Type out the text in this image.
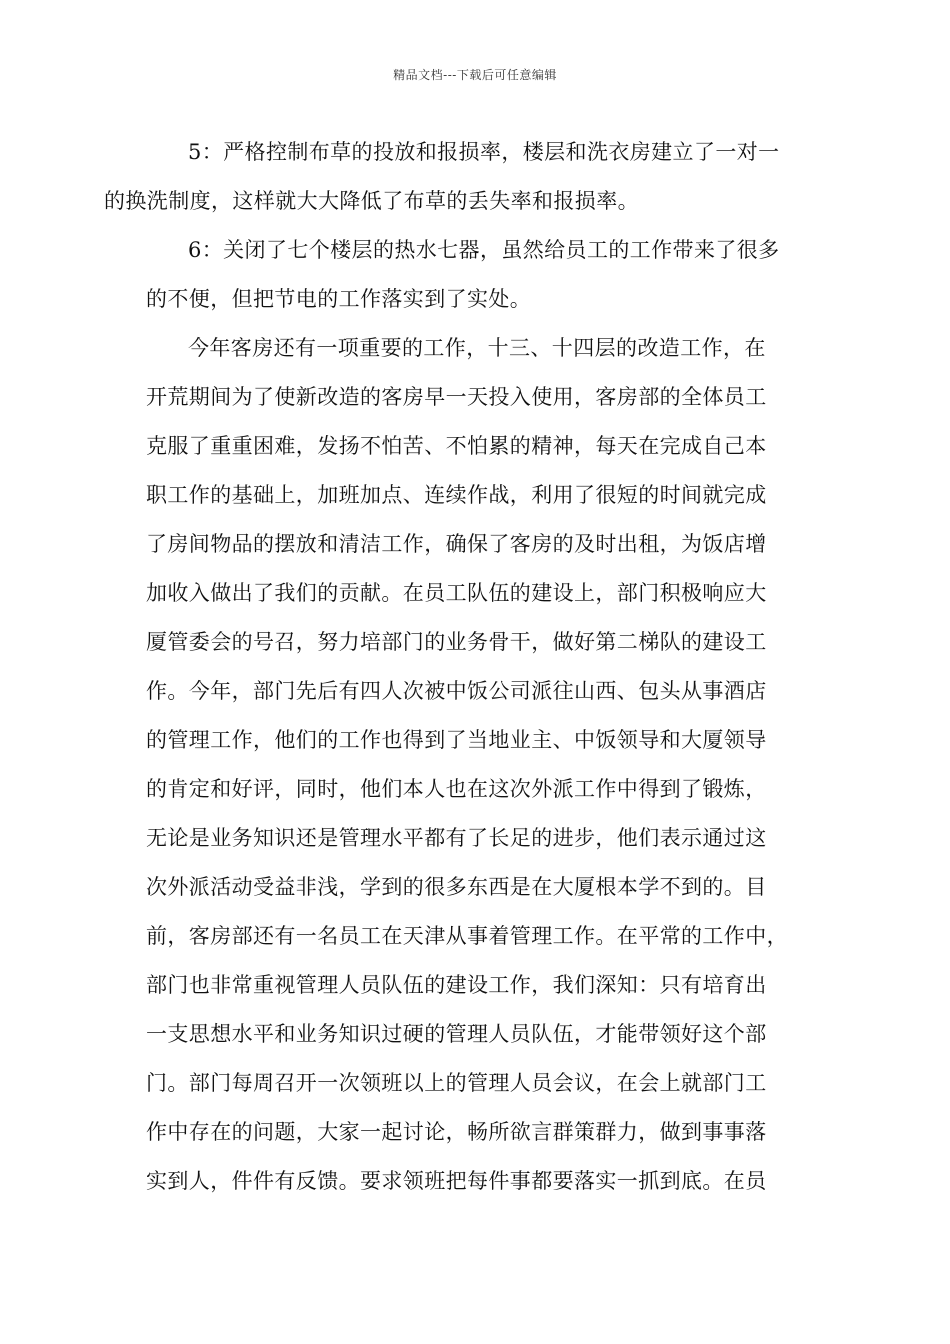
精品文档---下载后可任意编辑

5：严格控制布草的投放和报损率，楼层和洗衣房建立了一对一
的换洗制度，这样就大大降低了布草的丢失率和报损率。

6：关闭了七个楼层的热水七器，虽然给员工的工作带来了很多
的不便，但把节电的工作落实到了实处。

今年客房还有一项重要的工作，十三、十四层的改造工作，在
开荒期间为了使新改造的客房早一天投入使用，客房部的全体员工
克服了重重困难，发扬不怕苦、不怕累的精神，每天在完成自己本
职工作的基础上，加班加点、连续作战，利用了很短的时间就完成
了房间物品的摆放和清洁工作，确保了客房的及时出租，为饭店增
加收入做出了我们的贡献。在员工队伍的建设上，部门积极响应大
厦管委会的号召，努力培部门的业务骨干，做好第二梯队的建设工
作。今年，部门先后有四人次被中饭公司派往山西、包头从事酒店
的管理工作，他们的工作也得到了当地业主、中饭领导和大厦领导
的肯定和好评，同时，他们本人也在这次外派工作中得到了锻炼，
无论是业务知识还是管理水平都有了长足的进步，他们表示通过这
次外派活动受益非浅，学到的很多东西是在大厦根本学不到的。目
前，客房部还有一名员工在天津从事着管理工作。在平常的工作中，
部门也非常重视管理人员队伍的建设工作，我们深知：只有培育出
一支思想水平和业务知识过硬的管理人员队伍，才能带领好这个部
门。部门每周召开一次领班以上的管理人员会议，在会上就部门工
作中存在的问题，大家一起讨论，畅所欲言群策群力，做到事事落
实到人，件件有反馈。要求领班把每件事都要落实一抓到底。在员
